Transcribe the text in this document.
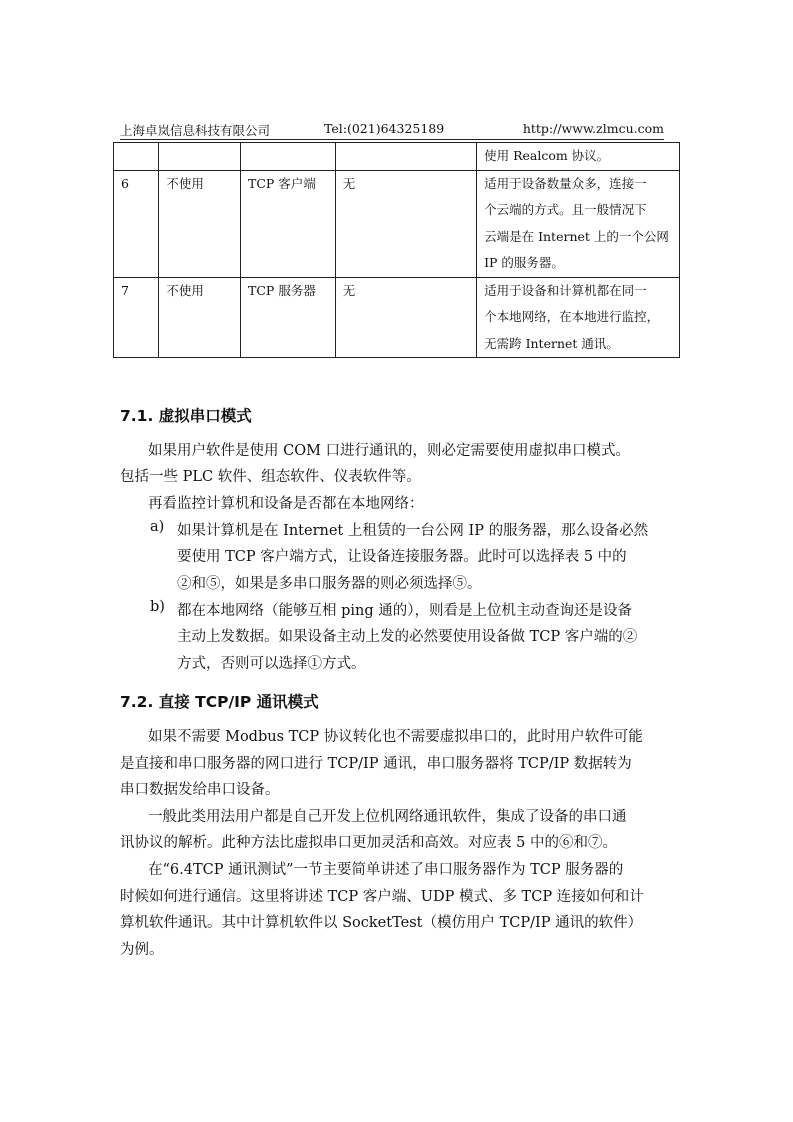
上海卓岚信息科技有限公司	Tel:(021)64325189	http://www.zlmcu.com

				使用 Realcom 协议。

6	不使用	TCP 客户端	无	适用于设备数量众多，连接一
个云端的方式。且一般情况下
云端是在 Internet 上的一个公网
IP 的服务器。

7	不使用	TCP 服务器	无	适用于设备和计算机都在同一
个本地网络，在本地进行监控，
无需跨 Internet 通讯。
7.1. 虚拟串口模式
如果用户软件是使用 COM 口进行通讯的，则必定需要使用虚拟串口模式。
包括一些 PLC 软件、组态软件、仪表软件等。
再看监控计算机和设备是否都在本地网络：
a) 如果计算机是在 Internet 上租赁的一台公网 IP 的服务器，那么设备必然
要使用 TCP 客户端方式，让设备连接服务器。此时可以选择表 5 中的
②和⑤，如果是多串口服务器的则必须选择⑤。
b) 都在本地网络（能够互相 ping 通的），则看是上位机主动查询还是设备
主动上发数据。如果设备主动上发的必然要使用设备做 TCP 客户端的②
方式，否则可以选择①方式。
7.2. 直接 TCP/IP 通讯模式
如果不需要 Modbus TCP 协议转化也不需要虚拟串口的，此时用户软件可能
是直接和串口服务器的网口进行 TCP/IP 通讯，串口服务器将 TCP/IP 数据转为
串口数据发给串口设备。
一般此类用法用户都是自己开发上位机网络通讯软件，集成了设备的串口通
讯协议的解析。此种方法比虚拟串口更加灵活和高效。对应表 5 中的⑥和⑦。
在“6.4TCP 通讯测试”一节主要简单讲述了串口服务器作为 TCP 服务器的
时候如何进行通信。这里将讲述 TCP 客户端、UDP 模式、多 TCP 连接如何和计
算机软件通讯。其中计算机软件以 SocketTest（模仿用户 TCP/IP 通讯的软件）
为例。
